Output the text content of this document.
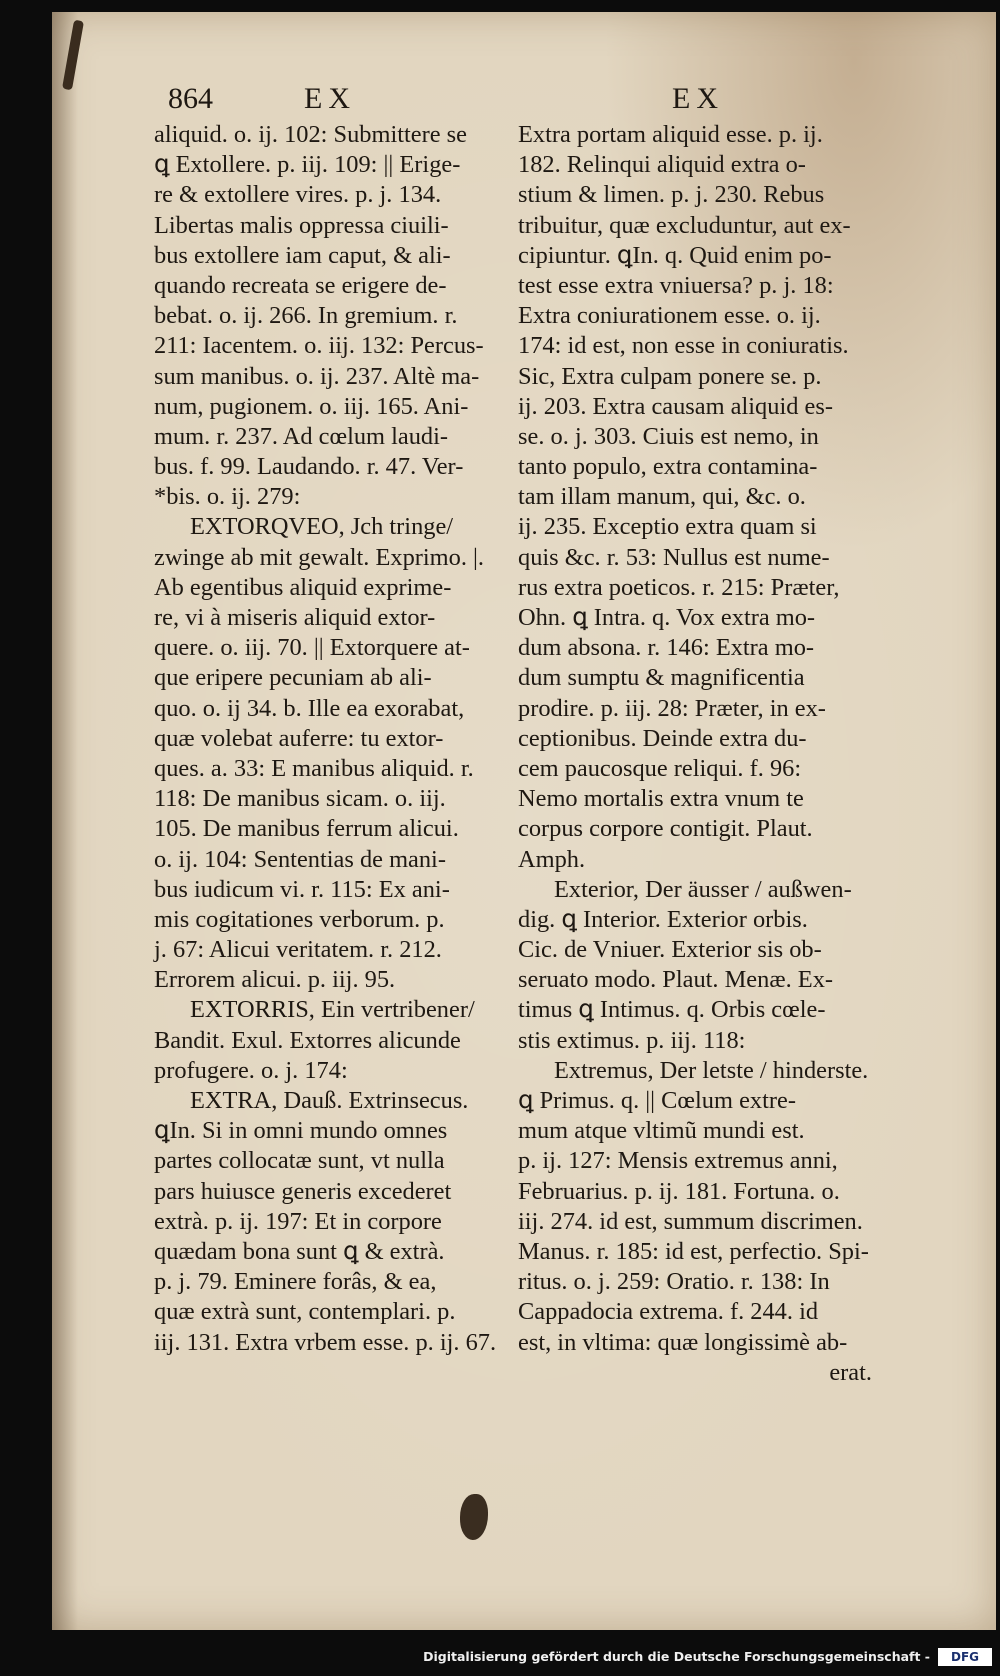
864	EX	EX
aliquid. o. ij. 102: Submittere se
ꝗ Extollere. p. iij. 109: || Erige-
re & extollere vires. p. j. 134.
Libertas malis oppressa ciuili-
bus extollere iam caput, & ali-
quando recreata se erigere de-
bebat. o. ij. 266. In gremium. r.
211: Iacentem. o. iij. 132: Percus-
sum manibus. o. ij. 237. Altè ma-
num, pugionem. o. iij. 165. Ani-
mum. r. 237. Ad cœlum laudi-
bus. f. 99. Laudando. r. 47. Ver-
*bis. o. ij. 279:
EXTORQVEO, Jch tringe/
zwinge ab mit gewalt. Exprimo. |.
Ab egentibus aliquid exprime-
re, vi à miseris aliquid extor-
quere. o. iij. 70. || Extorquere at-
que eripere pecuniam ab ali-
quo. o. ij 34. b. Ille ea exorabat,
quæ volebat auferre: tu extor-
ques. a. 33: E manibus aliquid. r.
118: De manibus sicam. o. iij.
105. De manibus ferrum alicui.
o. ij. 104: Sententias de mani-
bus iudicum vi. r. 115: Ex ani-
mis cogitationes verborum. p.
j. 67: Alicui veritatem. r. 212.
Errorem alicui. p. iij. 95.
EXTORRIS, Ein vertribener/
Bandit. Exul. Extorres alicunde
profugere. o. j. 174:
EXTRA, Dauß. Extrinsecus.
ꝗIn. Si in omni mundo omnes
partes collocatæ sunt, vt nulla
pars huiusce generis excederet
extrà. p. ij. 197: Et in corpore
quædam bona sunt ꝗ & extrà.
p. j. 79. Eminere forâs, & ea,
quæ extrà sunt, contemplari. p.
iij. 131. Extra vrbem esse. p. ij. 67.
Extra portam aliquid esse. p. ij.
182. Relinqui aliquid extra o-
stium & limen. p. j. 230. Rebus
tribuitur, quæ excluduntur, aut ex-
cipiuntur. ꝗIn. q. Quid enim po-
test esse extra vniuersa? p. j. 18:
Extra coniurationem esse. o. ij.
174: id est, non esse in coniuratis.
Sic, Extra culpam ponere se. p.
ij. 203. Extra causam aliquid es-
se. o. j. 303. Ciuis est nemo, in
tanto populo, extra contamina-
tam illam manum, qui, &c. o.
ij. 235. Exceptio extra quam si
quis &c. r. 53: Nullus est nume-
rus extra poeticos. r. 215: Præter,
Ohn. ꝗ Intra. q. Vox extra mo-
dum absona. r. 146: Extra mo-
dum sumptu & magnificentia
prodire. p. iij. 28: Præter, in ex-
ceptionibus. Deinde extra du-
cem paucosque reliqui. f. 96:
Nemo mortalis extra vnum te
corpus corpore contigit. Plaut.
Amph.
Exterior, Der äusser / außwen-
dig. ꝗ Interior. Exterior orbis.
Cic. de Vniuer. Exterior sis ob-
seruato modo. Plaut. Menæ. Ex-
timus ꝗ Intimus. q. Orbis cœle-
stis extimus. p. iij. 118:
Extremus, Der letste / hinderste.
ꝗ Primus. q. || Cœlum extre-
mum atque vltimũ mundi est.
p. ij. 127: Mensis extremus anni,
Februarius. p. ij. 181. Fortuna. o.
iij. 274. id est, summum discrimen.
Manus. r. 185: id est, perfectio. Spi-
ritus. o. j. 259: Oratio. r. 138: In
Cappadocia extrema. f. 244. id
est, in vltima: quæ longissimè ab-
erat.
Digitalisierung gefördert durch die Deutsche Forschungsgemeinschaft -	DFG
